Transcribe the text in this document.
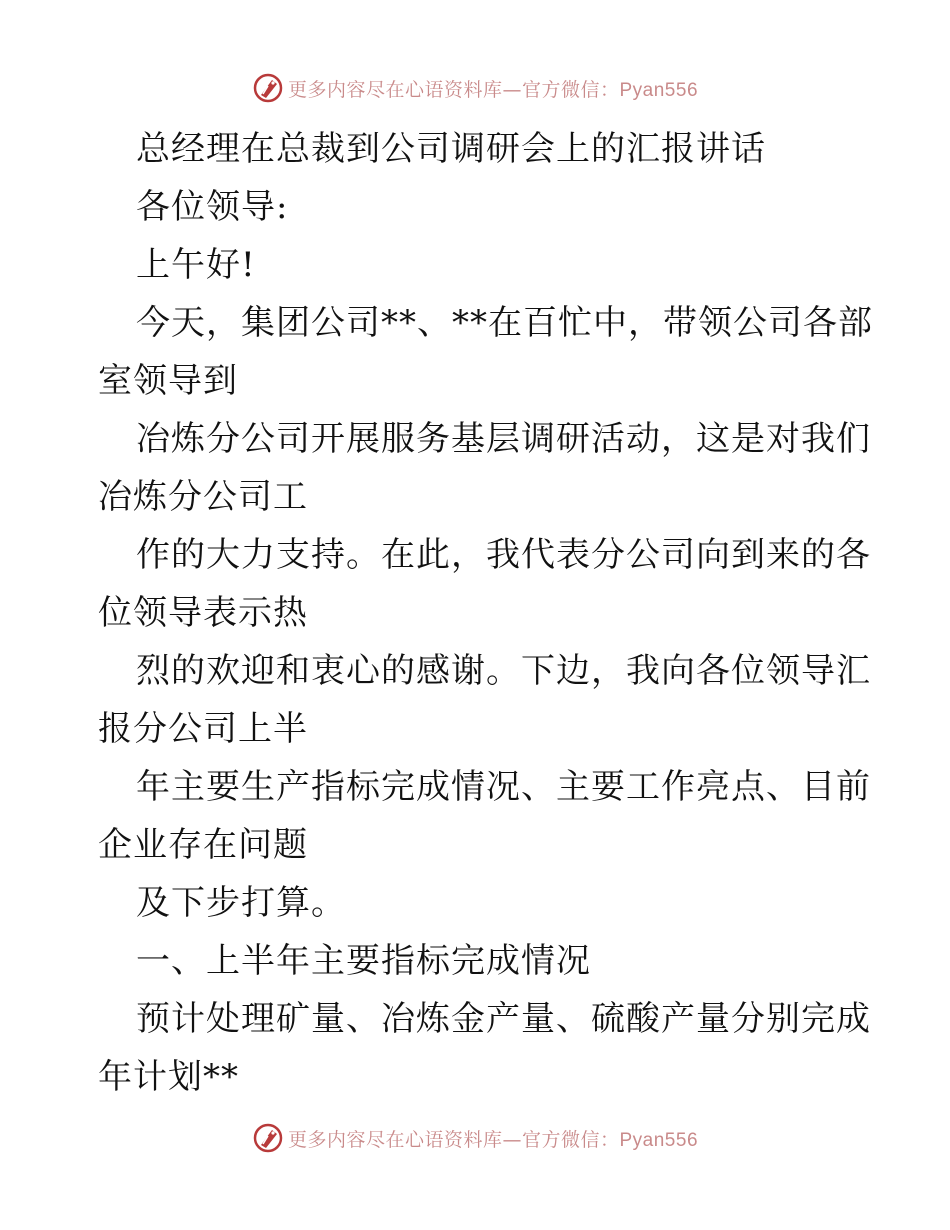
更多内容尽在心语资料库—官方微信：Pyan556
总经理在总裁到公司调研会上的汇报讲话
各位领导:
上午好!
今天，集团公司**、**在百忙中，带领公司各部
室领导到
冶炼分公司开展服务基层调研活动，这是对我们
冶炼分公司工
作的大力支持。在此，我代表分公司向到来的各
位领导表示热
烈的欢迎和衷心的感谢。下边，我向各位领导汇
报分公司上半
年主要生产指标完成情况、主要工作亮点、目前
企业存在问题
及下步打算。
一、上半年主要指标完成情况
预计处理矿量、冶炼金产量、硫酸产量分别完成
年计划**
更多内容尽在心语资料库—官方微信：Pyan556
